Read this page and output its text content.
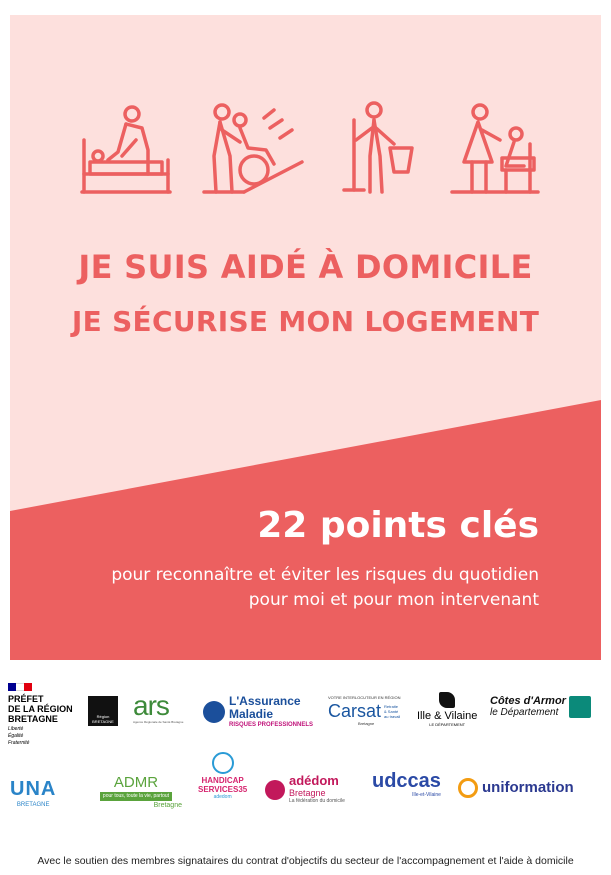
JE SUIS AIDÉ À DOMICILE
JE SÉCURISE MON LOGEMENT
22 points clés
pour reconnaître et éviter les risques du quotidien
pour moi et pour mon intervenant
PRÉFET
DE LA RÉGION
BRETAGNE
Liberté
Égalité
Fraternité
Région BRETAGNE
ars
Agence Régionale de Santé Bretagne
L'Assurance
Maladie
RISQUES PROFESSIONNELS
VOTRE INTERLOCUTEUR EN RÉGION
Carsat Retraite
& Santé
au travail
Bretagne
Ille & Vilaine
LE DÉPARTEMENT
Côtes d'Armor
le Département
UNA
BRETAGNE
ADMR
pour tous, toute la vie, partout
Bretagne
HANDICAP
SERVICES35
adedom
adédom
Bretagne
La fédération du domicile
udccas
Ille-et-Vilaine	uniformation
Avec le soutien des membres signataires du contrat d'objectifs du secteur de l'accompagnement et l'aide à domicile
